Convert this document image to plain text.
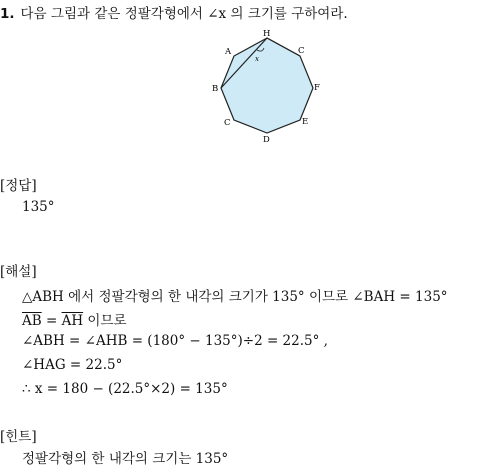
1. 다음 그림과 같은 정팔각형에서 ∠x 의 크기를 구하여라.
x
H
C
F
E
D
C
B
A
[정답]
135°
[해설]
△ABH 에서 정팔각형의 한 내각의 크기가 135° 이므로 ∠BAH = 135°
$\overline{AB} = \overline{AH}$ 이므로
∠ABH = ∠AHB = (180° − 135°)÷2 = 22.5° ,
∠HAG = 22.5°
∴ x = 180 − (22.5°×2) = 135°
[힌트]
정팔각형의 한 내각의 크기는 135°
